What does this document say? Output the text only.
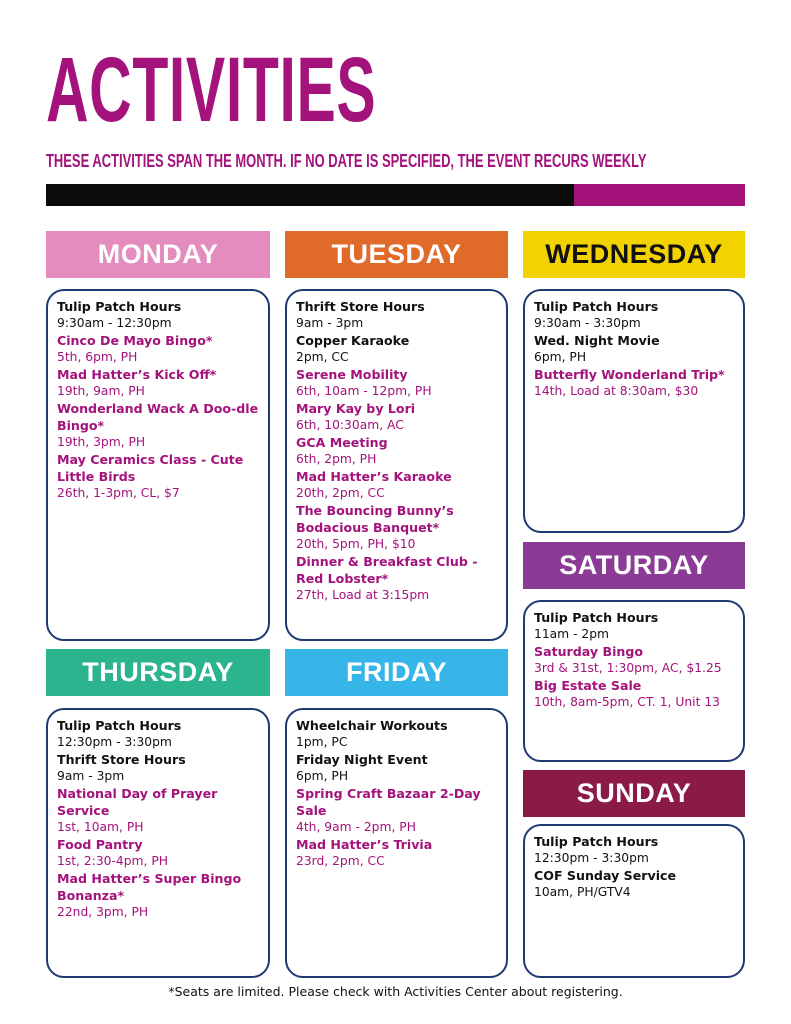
ACTIVITIES
THESE ACTIVITIES SPAN THE MONTH. IF NO DATE IS SPECIFIED, THE EVENT RECURS WEEKLY
MONDAY
Tulip Patch Hours
9:30am - 12:30pm
Cinco De Mayo Bingo*
5th, 6pm, PH
Mad Hatter’s Kick Off*
19th, 9am, PH
Wonderland Wack A Doo-dle Bingo*
19th, 3pm, PH
May Ceramics Class - Cute Little Birds
26th, 1-3pm, CL, $7
TUESDAY
Thrift Store Hours
9am - 3pm
Copper Karaoke
2pm, CC
Serene Mobility
6th, 10am - 12pm, PH
Mary Kay by Lori
6th, 10:30am, AC
GCA Meeting
6th, 2pm, PH
Mad Hatter’s Karaoke
20th, 2pm, CC
The Bouncing Bunny’s Bodacious Banquet*
20th, 5pm, PH, $10
Dinner & Breakfast Club - Red Lobster*
27th, Load at 3:15pm
WEDNESDAY
Tulip Patch Hours
9:30am - 3:30pm
Wed. Night Movie
6pm, PH
Butterfly Wonderland Trip*
14th, Load at 8:30am, $30
SATURDAY
Tulip Patch Hours
11am - 2pm
Saturday Bingo
3rd & 31st, 1:30pm, AC, $1.25
Big Estate Sale
10th, 8am-5pm, CT. 1, Unit 13
THURSDAY
Tulip Patch Hours
12:30pm - 3:30pm
Thrift Store Hours
9am - 3pm
National Day of Prayer Service
1st, 10am, PH
Food Pantry
1st, 2:30-4pm, PH
Mad Hatter’s Super Bingo Bonanza*
22nd, 3pm, PH
FRIDAY
Wheelchair Workouts
1pm, PC
Friday Night Event
6pm, PH
Spring Craft Bazaar 2-Day Sale
4th, 9am - 2pm, PH
Mad Hatter’s Trivia
23rd, 2pm, CC
SUNDAY
Tulip Patch Hours
12:30pm - 3:30pm
COF Sunday Service
10am, PH/GTV4
*Seats are limited. Please check with Activities Center about registering.
